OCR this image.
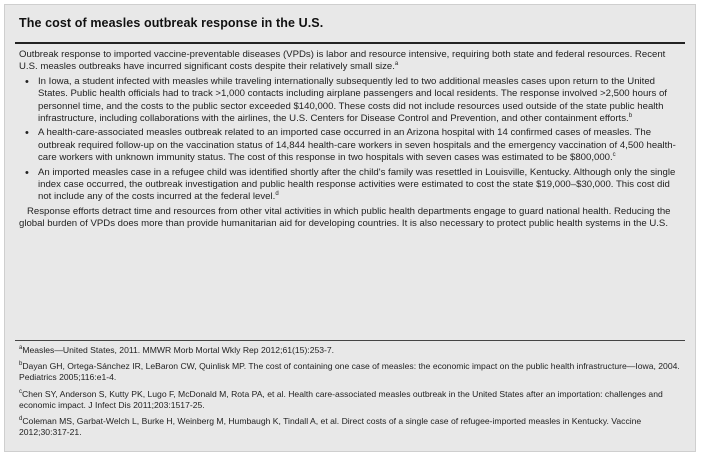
The cost of measles outbreak response in the U.S.

Outbreak response to imported vaccine-preventable diseases (VPDs) is labor and resource intensive, requiring both state and federal resources. Recent U.S. measles outbreaks have incurred significant costs despite their relatively small size.$^a$

• In Iowa, a student infected with measles while traveling internationally subsequently led to two additional measles cases upon return to the United States. Public health officials had to track >1,000 contacts including airplane passengers and local residents. The response involved >2,500 hours of personnel time, and the costs to the public sector exceeded $140,000. These costs did not include resources used outside of the state public health infrastructure, including collaborations with the airlines, the U.S. Centers for Disease Control and Prevention, and other containment efforts.$^b$
• A health-care-associated measles outbreak related to an imported case occurred in an Arizona hospital with 14 confirmed cases of measles. The outbreak required follow-up on the vaccination status of 14,844 health-care workers in seven hospitals and the emergency vaccination of 4,500 health-care workers with unknown immunity status. The cost of this response in two hospitals with seven cases was estimated to be $800,000.$^c$
• An imported measles case in a refugee child was identified shortly after the child's family was resettled in Louisville, Kentucky. Although only the single index case occurred, the outbreak investigation and public health response activities were estimated to cost the state $19,000–$30,000. This cost did not include any of the costs incurred at the federal level.$^d$

Response efforts detract time and resources from other vital activities in which public health departments engage to guard national health. Reducing the global burden of VPDs does more than provide humanitarian aid for developing countries. It is also necessary to protect public health systems in the U.S.

$^a$Measles—United States, 2011. MMWR Morb Mortal Wkly Rep 2012;61(15):253-7.
$^b$Dayan GH, Ortega-Sánchez IR, LeBaron CW, Quinlisk MP. The cost of containing one case of measles: the economic impact on the public health infrastructure—Iowa, 2004. Pediatrics 2005;116:e1-4.
$^c$Chen SY, Anderson S, Kutty PK, Lugo F, McDonald M, Rota PA, et al. Health care-associated measles outbreak in the United States after an importation: challenges and economic impact. J Infect Dis 2011;203:1517-25.
$^d$Coleman MS, Garbat-Welch L, Burke H, Weinberg M, Humbaugh K, Tindall A, et al. Direct costs of a single case of refugee-imported measles in Kentucky. Vaccine 2012;30:317-21.
